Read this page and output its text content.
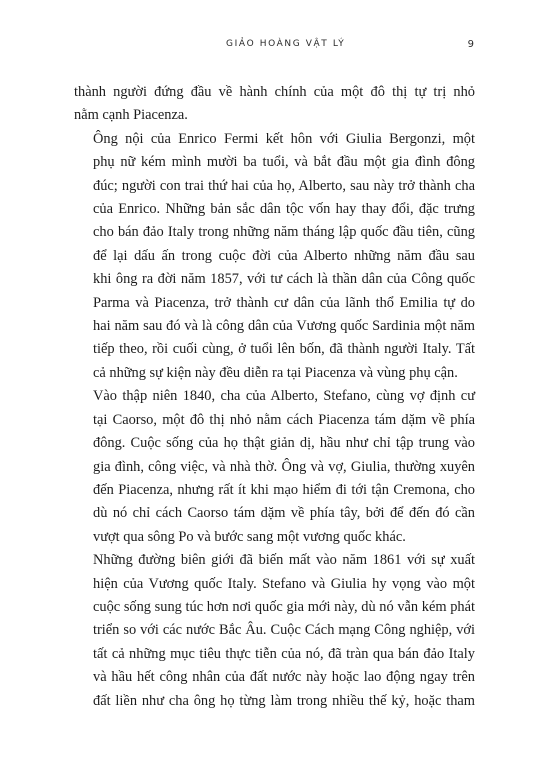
GIẢO HOÀNG VẬT LÝ	9

thành người đứng đầu về hành chính của một đô thị tự trị nhỏ
nằm cạnh Piacenza.

Ông nội của Enrico Fermi kết hôn với Giulia Bergonzi, một
phụ nữ kém mình mười ba tuổi, và bắt đầu một gia đình đông
đúc; người con trai thứ hai của họ, Alberto, sau này trở thành cha
của Enrico. Những bản sắc dân tộc vốn hay thay đổi, đặc trưng
cho bán đảo Italy trong những năm tháng lập quốc đầu tiên, cũng
để lại dấu ấn trong cuộc đời của Alberto những năm đầu sau
khi ông ra đời năm 1857, với tư cách là thần dân của Công quốc
Parma và Piacenza, trở thành cư dân của lãnh thổ Emilia tự do
hai năm sau đó và là công dân của Vương quốc Sardinia một năm
tiếp theo, rồi cuối cùng, ở tuổi lên bốn, đã thành người Italy. Tất
cả những sự kiện này đều diễn ra tại Piacenza và vùng phụ cận.

Vào thập niên 1840, cha của Alberto, Stefano, cùng vợ định cư
tại Caorso, một đô thị nhỏ nằm cách Piacenza tám dặm về phía
đông. Cuộc sống của họ thật giản dị, hầu như chỉ tập trung vào
gia đình, công việc, và nhà thờ. Ông và vợ, Giulia, thường xuyên
đến Piacenza, nhưng rất ít khi mạo hiểm đi tới tận Cremona, cho
dù nó chỉ cách Caorso tám dặm về phía tây, bởi để đến đó cần
vượt qua sông Po và bước sang một vương quốc khác.

Những đường biên giới đã biến mất vào năm 1861 với sự xuất
hiện của Vương quốc Italy. Stefano và Giulia hy vọng vào một
cuộc sống sung túc hơn nơi quốc gia mới này, dù nó vẫn kém phát
triển so với các nước Bắc Âu. Cuộc Cách mạng Công nghiệp, với
tất cả những mục tiêu thực tiễn của nó, đã tràn qua bán đảo Italy
và hầu hết công nhân của đất nước này hoặc lao động ngay trên
đất liền như cha ông họ từng làm trong nhiều thế kỷ, hoặc tham
